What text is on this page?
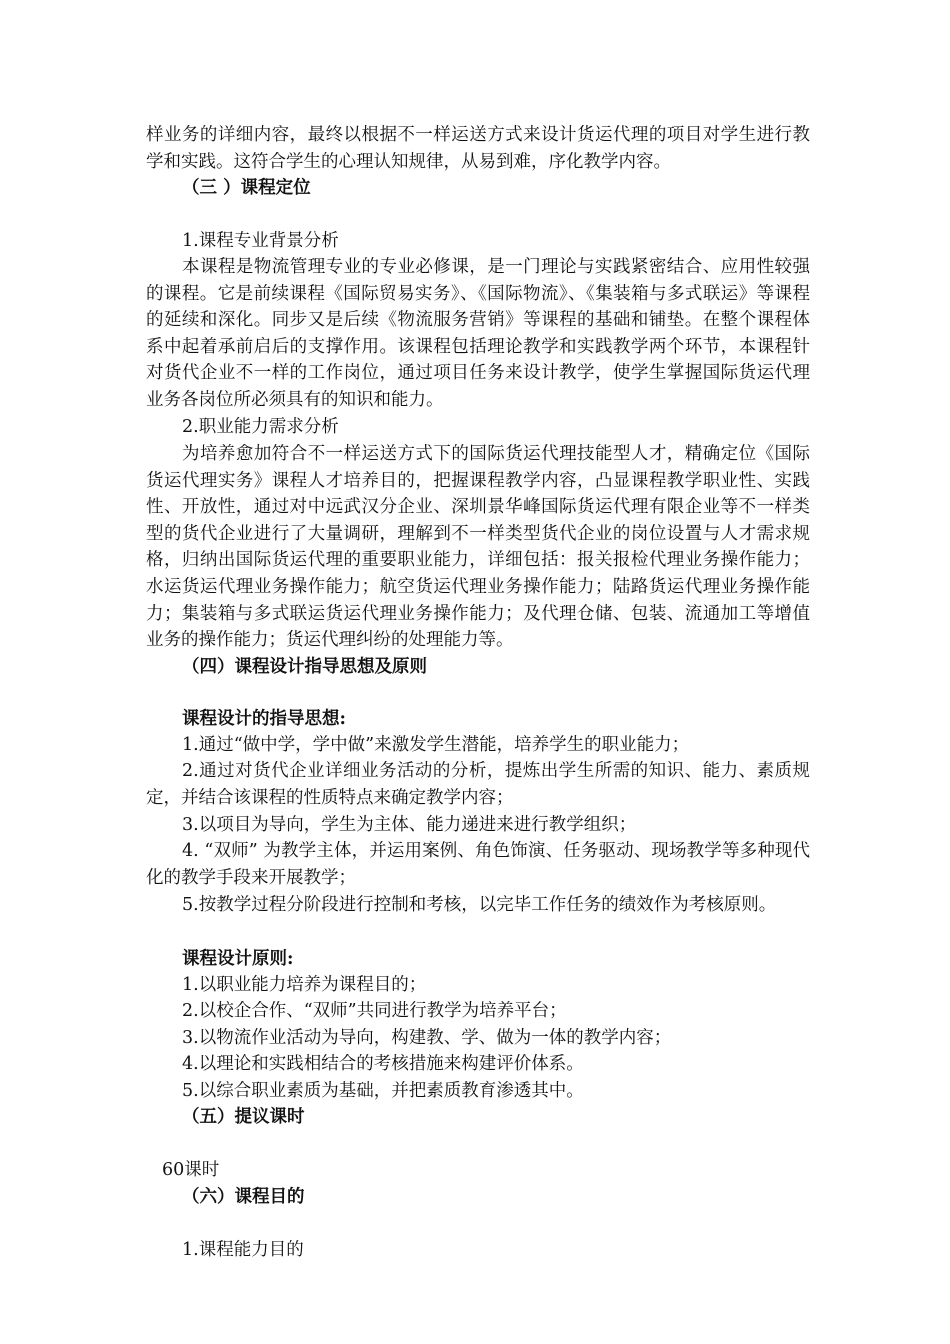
样业务的详细内容，最终以根据不一样运送方式来设计货运代理的项目对学生进行教学和实践。这符合学生的心理认知规律，从易到难，序化教学内容。

（三 ）课程定位

1.课程专业背景分析

本课程是物流管理专业的专业必修课，是一门理论与实践紧密结合、应用性较强的课程。它是前续课程《国际贸易实务》、《国际物流》、《集装箱与多式联运》等课程的延续和深化。同步又是后续《物流服务营销》等课程的基础和铺垫。在整个课程体系中起着承前启后的支撑作用。该课程包括理论教学和实践教学两个环节，本课程针对货代企业不一样的工作岗位，通过项目任务来设计教学，使学生掌握国际货运代理业务各岗位所必须具有的知识和能力。

2.职业能力需求分析

为培养愈加符合不一样运送方式下的国际货运代理技能型人才，精确定位《国际货运代理实务》课程人才培养目的，把握课程教学内容，凸显课程教学职业性、实践性、开放性，通过对中远武汉分企业、深圳景华峰国际货运代理有限企业等不一样类型的货代企业进行了大量调研，理解到不一样类型货代企业的岗位设置与人才需求规格，归纳出国际货运代理的重要职业能力，详细包括：报关报检代理业务操作能力；水运货运代理业务操作能力；航空货运代理业务操作能力；陆路货运代理业务操作能力；集装箱与多式联运货运代理业务操作能力；及代理仓储、包装、流通加工等增值业务的操作能力；货运代理纠纷的处理能力等。

（四）课程设计指导思想及原则

课程设计的指导思想:

1.通过“做中学，学中做”来激发学生潜能，培养学生的职业能力；

2.通过对货代企业详细业务活动的分析，提炼出学生所需的知识、能力、素质规定，并结合该课程的性质特点来确定教学内容；

3.以项目为导向，学生为主体、能力递进来进行教学组织；

4. “双师” 为教学主体，并运用案例、角色饰演、任务驱动、现场教学等多种现代化的教学手段来开展教学；

5.按教学过程分阶段进行控制和考核，以完毕工作任务的绩效作为考核原则。

课程设计原则:

1.以职业能力培养为课程目的；

2.以校企合作、“双师”共同进行教学为培养平台；

3.以物流作业活动为导向，构建教、学、做为一体的教学内容；

4.以理论和实践相结合的考核措施来构建评价体系。

5.以综合职业素质为基础，并把素质教育渗透其中。

（五）提议课时

60课时

（六）课程目的

1.课程能力目的
